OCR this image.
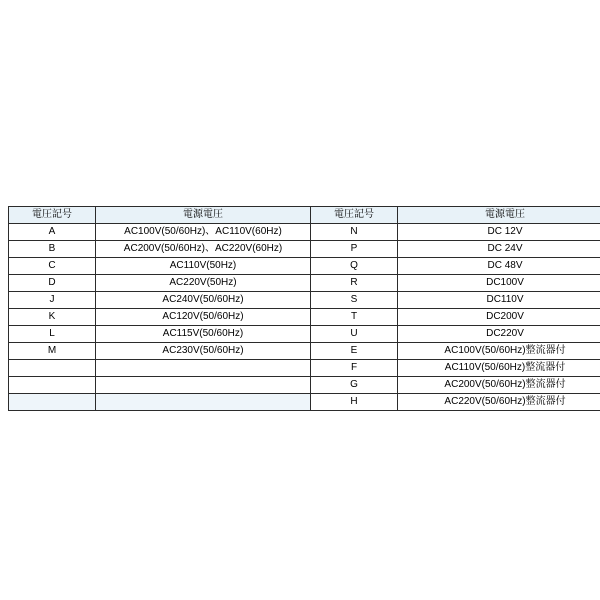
電圧記号	電源電圧	電圧記号	電源電圧
A	AC100V(50/60Hz)、AC110V(60Hz)	N	DC 12V
B	AC200V(50/60Hz)、AC220V(60Hz)	P	DC 24V
C	AC110V(50Hz)	Q	DC 48V
D	AC220V(50Hz)	R	DC100V
J	AC240V(50/60Hz)	S	DC110V
K	AC120V(50/60Hz)	T	DC200V
L	AC115V(50/60Hz)	U	DC220V
M	AC230V(50/60Hz)	E	AC100V(50/60Hz)整流器付
		F	AC110V(50/60Hz)整流器付
		G	AC200V(50/60Hz)整流器付
		H	AC220V(50/60Hz)整流器付
